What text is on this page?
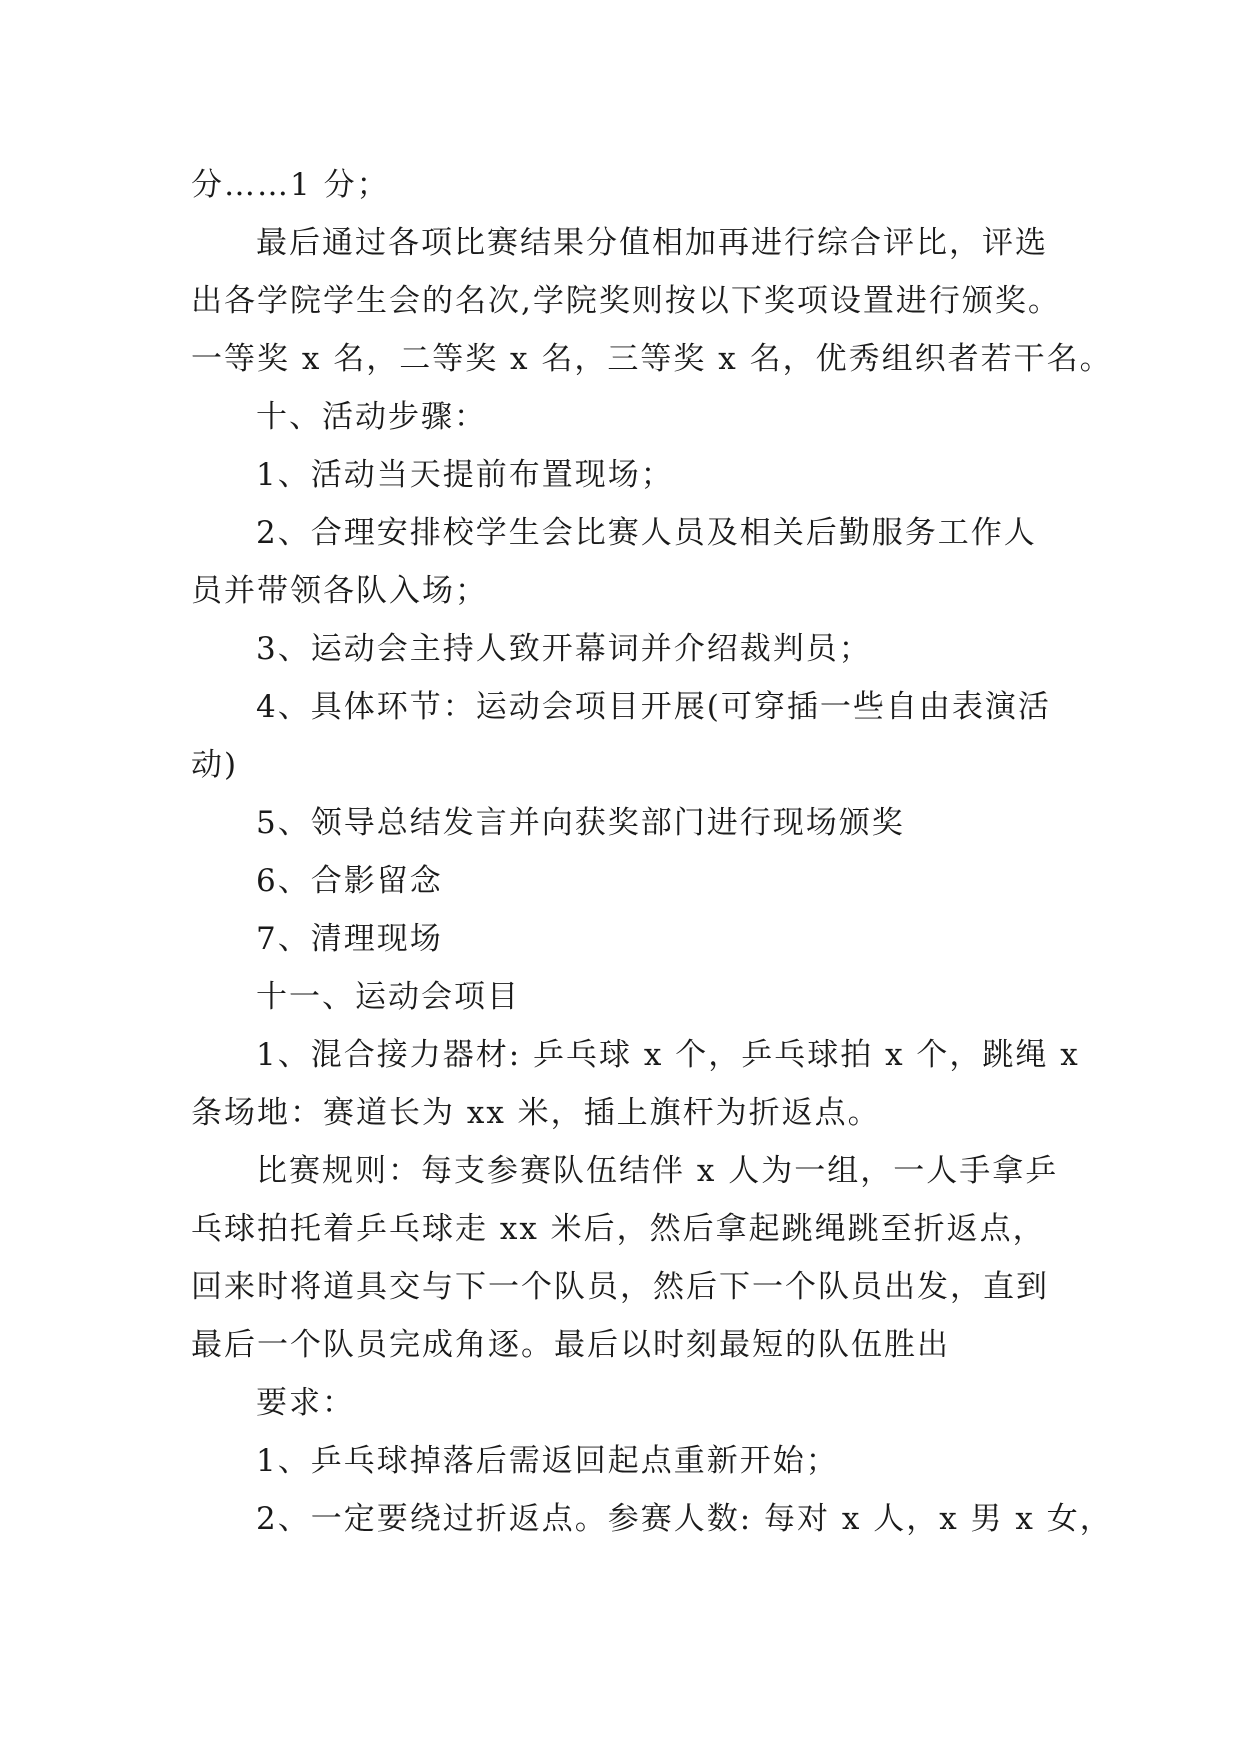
分……1 分；
最后通过各项比赛结果分值相加再进行综合评比，评选
出各学院学生会的名次,学院奖则按以下奖项设置进行颁奖。
一等奖 x 名，二等奖 x 名，三等奖 x 名，优秀组织者若干名。
十、活动步骤：
1、活动当天提前布置现场；
2、合理安排校学生会比赛人员及相关后勤服务工作人
员并带领各队入场；
3、运动会主持人致开幕词并介绍裁判员；
4、具体环节：运动会项目开展(可穿插一些自由表演活
动)
5、领导总结发言并向获奖部门进行现场颁奖
6、合影留念
7、清理现场
十一、运动会项目
1、混合接力器材: 乒乓球 x 个，乒乓球拍 x 个，跳绳 x
条场地：赛道长为 xx 米，插上旗杆为折返点。
比赛规则：每支参赛队伍结伴 x 人为一组，一人手拿乒
乓球拍托着乒乓球走 xx 米后，然后拿起跳绳跳至折返点，
回来时将道具交与下一个队员，然后下一个队员出发，直到
最后一个队员完成角逐。最后以时刻最短的队伍胜出
要求：
1、乒乓球掉落后需返回起点重新开始；
2、一定要绕过折返点。参赛人数: 每对 x 人，x 男 x 女，
